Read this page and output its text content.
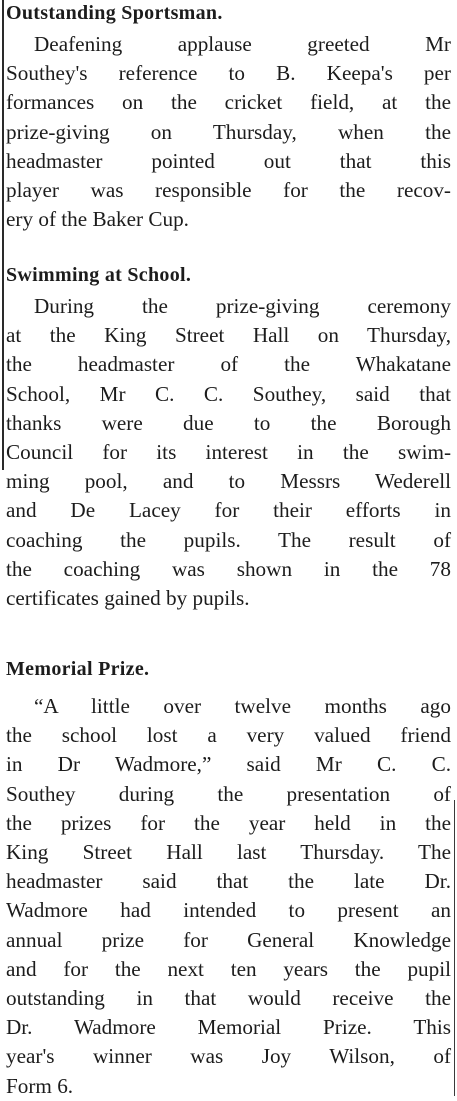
Outstanding Sportsman.
Deafening applause greeted Mr
Southey's reference to B. Keepa's per
formances on the cricket field, at the
prize-giving on Thursday, when the
headmaster pointed out that this
player was responsible for the recov-
ery of the Baker Cup.
Swimming at School.
During the prize-giving ceremony
at the King Street Hall on Thursday,
the headmaster of the Whakatane
School, Mr C. C. Southey, said that
thanks were due to the Borough
Council for its interest in the swim-
ming pool, and to Messrs Wederell
and De Lacey for their efforts in
coaching the pupils. The result of
the coaching was shown in the 78
certificates gained by pupils.
Memorial Prize.
“A little over twelve months ago
the school lost a very valued friend
in Dr Wadmore,” said Mr C. C.
Southey during the presentation of
the prizes for the year held in the
King Street Hall last Thursday. The
headmaster said that the late Dr.
Wadmore had intended to present an
annual prize for General Knowledge
and for the next ten years the pupil
outstanding in that would receive the
Dr. Wadmore Memorial Prize. This
year's winner was Joy Wilson, of
Form 6.
